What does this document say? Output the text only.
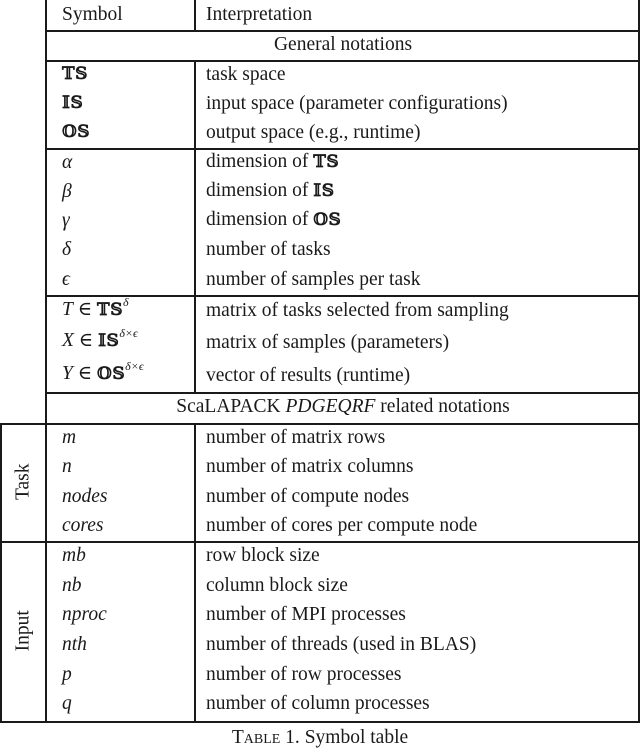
Symbol	Interpretation
General notations
𝕋𝕊	task space
𝕀𝕊	input space (parameter configurations)
𝕆𝕊	output space (e.g., runtime)
α	dimension of 𝕋𝕊
β	dimension of 𝕀𝕊
γ	dimension of 𝕆𝕊
δ	number of tasks
ϵ	number of samples per task
T ∈ 𝕋𝕊$^\delta$	matrix of tasks selected from sampling
X ∈ 𝕀𝕊$^{\delta\times\epsilon}$	matrix of samples (parameters)
Y ∈ 𝕆𝕊$^{\delta\times\epsilon}$	vector of results (runtime)
ScaLAPACK PDGEQRF related notations
Task
m	number of matrix rows
n	number of matrix columns
nodes	number of compute nodes
cores	number of cores per compute node
Input
mb	row block size
nb	column block size
nproc	number of MPI processes
nth	number of threads (used in BLAS)
p	number of row processes
q	number of column processes
Table 1. Symbol table
